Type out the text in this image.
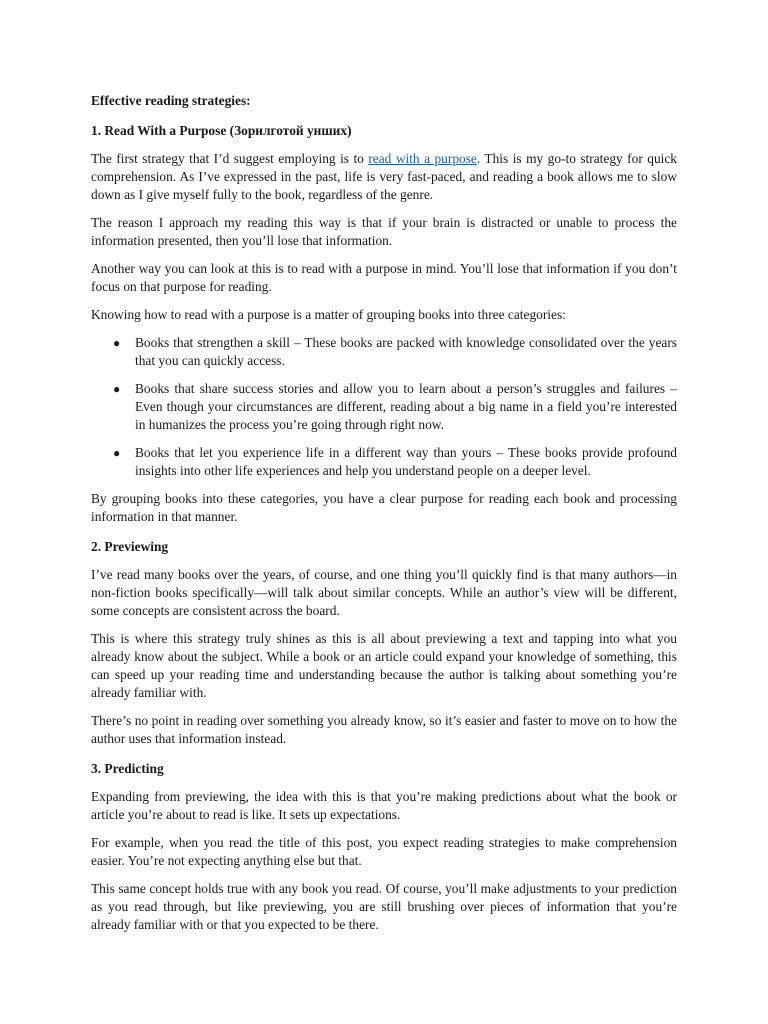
Effective reading strategies:
1. Read With a Purpose (Зорилготой унших)

The first strategy that I’d suggest employing is to read with a purpose. This is my go-to strategy for quick comprehension. As I’ve expressed in the past, life is very fast-paced, and reading a book allows me to slow down as I give myself fully to the book, regardless of the genre.

The reason I approach my reading this way is that if your brain is distracted or unable to process the information presented, then you’ll lose that information.

Another way you can look at this is to read with a purpose in mind. You’ll lose that information if you don’t focus on that purpose for reading.

Knowing how to read with a purpose is a matter of grouping books into three categories:

● Books that strengthen a skill – These books are packed with knowledge consolidated over the years that you can quickly access.
● Books that share success stories and allow you to learn about a person’s struggles and failures – Even though your circumstances are different, reading about a big name in a field you’re interested in humanizes the process you’re going through right now.
● Books that let you experience life in a different way than yours – These books provide profound insights into other life experiences and help you understand people on a deeper level.

By grouping books into these categories, you have a clear purpose for reading each book and processing information in that manner.

2. Previewing

I’ve read many books over the years, of course, and one thing you’ll quickly find is that many authors—in non-fiction books specifically—will talk about similar concepts. While an author’s view will be different, some concepts are consistent across the board.

This is where this strategy truly shines as this is all about previewing a text and tapping into what you already know about the subject. While a book or an article could expand your knowledge of something, this can speed up your reading time and understanding because the author is talking about something you’re already familiar with.

There’s no point in reading over something you already know, so it’s easier and faster to move on to how the author uses that information instead.

3. Predicting

Expanding from previewing, the idea with this is that you’re making predictions about what the book or article you’re about to read is like. It sets up expectations.

For example, when you read the title of this post, you expect reading strategies to make comprehension easier. You’re not expecting anything else but that.

This same concept holds true with any book you read. Of course, you’ll make adjustments to your prediction as you read through, but like previewing, you are still brushing over pieces of information that you’re already familiar with or that you expected to be there.
